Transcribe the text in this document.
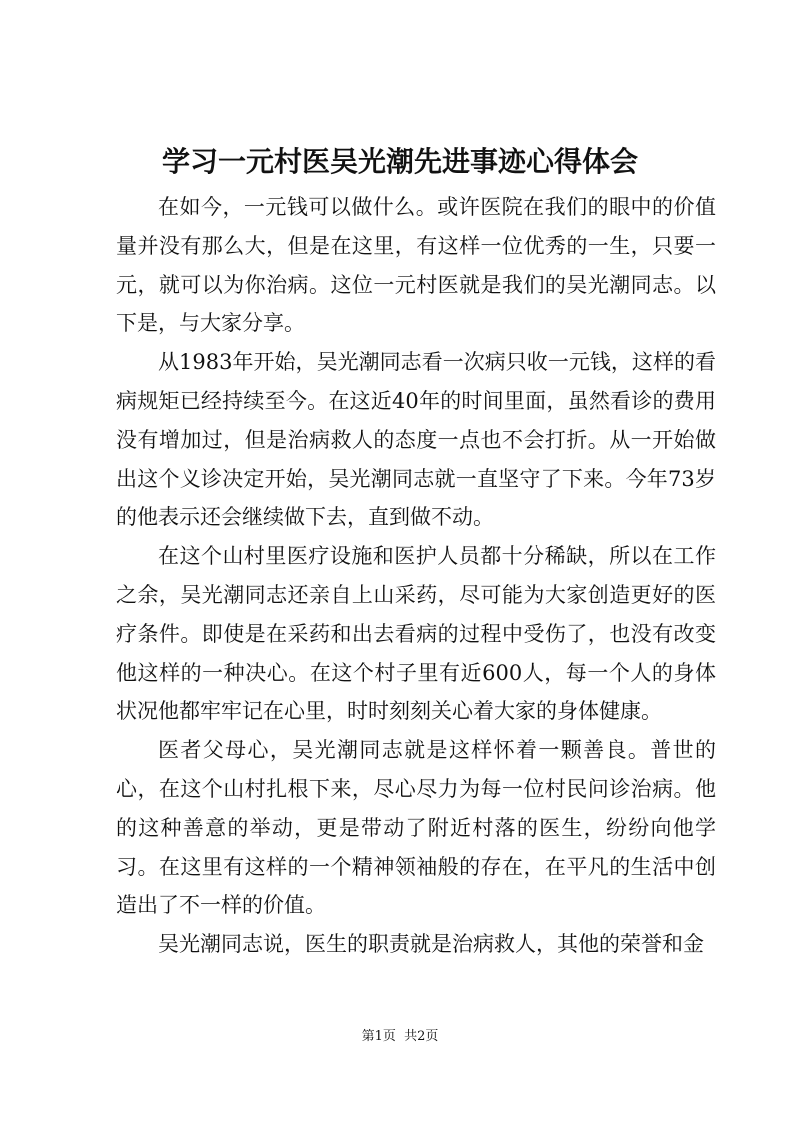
学习一元村医吴光潮先进事迹心得体会

在如今，一元钱可以做什么。或许医院在我们的眼中的价值量并没有那么大，但是在这里，有这样一位优秀的一生，只要一元，就可以为你治病。这位一元村医就是我们的吴光潮同志。以下是，与大家分享。

从1983年开始，吴光潮同志看一次病只收一元钱，这样的看病规矩已经持续至今。在这近40年的时间里面，虽然看诊的费用没有增加过，但是治病救人的态度一点也不会打折。从一开始做出这个义诊决定开始，吴光潮同志就一直坚守了下来。今年73岁的他表示还会继续做下去，直到做不动。

在这个山村里医疗设施和医护人员都十分稀缺，所以在工作之余，吴光潮同志还亲自上山采药，尽可能为大家创造更好的医疗条件。即使是在采药和出去看病的过程中受伤了，也没有改变他这样的一种决心。在这个村子里有近600人，每一个人的身体状况他都牢牢记在心里，时时刻刻关心着大家的身体健康。

医者父母心，吴光潮同志就是这样怀着一颗善良。普世的心，在这个山村扎根下来，尽心尽力为每一位村民问诊治病。他的这种善意的举动，更是带动了附近村落的医生，纷纷向他学习。在这里有这样的一个精神领袖般的存在，在平凡的生活中创造出了不一样的价值。

吴光潮同志说，医生的职责就是治病救人，其他的荣誉和金

第1页 共2页
